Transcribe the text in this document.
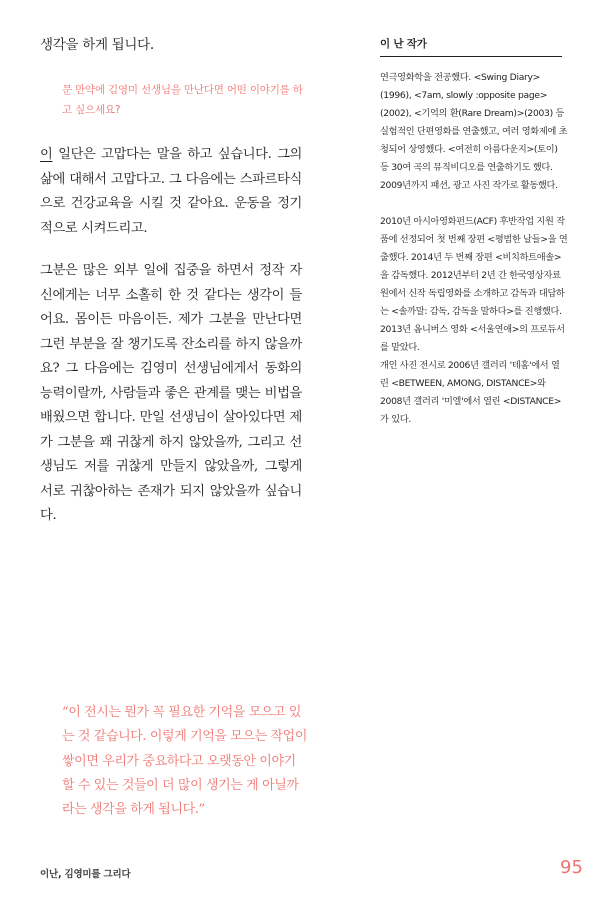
생각을 하게 됩니다.
문 만약에 김영미 선생님을 만난다면 어떤 이야기를 하고 싶으세요?
이 일단은 고맙다는 말을 하고 싶습니다. 그의 삶에 대해서 고맙다고. 그 다음에는 스파르타식으로 건강교육을 시킬 것 같아요. 운동을 정기적으로 시켜드리고.
그분은 많은 외부 일에 집중을 하면서 정작 자신에게는 너무 소홀히 한 것 같다는 생각이 들어요. 몸이든 마음이든. 제가 그분을 만난다면 그런 부분을 잘 챙기도록 잔소리를 하지 않을까요? 그 다음에는 김영미 선생님에게서 동화의 능력이랄까, 사람들과 좋은 관계를 맺는 비법을 배웠으면 합니다. 만일 선생님이 살아있다면 제가 그분을 꽤 귀찮게 하지 않았을까, 그리고 선생님도 저를 귀찮게 만들지 않았을까, 그렇게 서로 귀찮아하는 존재가 되지 않았을까 싶습니다.
이 난 작가
연극영화학을 전공했다. <Swing Diary>(1996), <7am, slowly :opposite page>(2002), <기억의 환(Rare Dream)>(2003) 등 실험적인 단편영화를 연출했고, 여러 영화제에 초청되어 상영했다. <여전히 아름다운지>(토이) 등 30여 곡의 뮤직비디오를 연출하기도 했다. 2009년까지 패션, 광고 사진 작가로 활동했다.
2010년 아시아영화펀드(ACF) 후반작업 지원 작품에 선정되어 첫 번째 장편 <평범한 날들>을 연출했다. 2014년 두 번째 장편 <비치하트애솔>을 감독했다. 2012년부터 2년 간 한국영상자료원에서 신작 독립영화를 소개하고 감독과 대담하는 <솔까말: 감독, 감독을 말하다>를 진행했다. 2013년 옴니버스 영화 <서울연애>의 프로듀서를 맡았다.
개인 사진 전시로 2006년 갤러리 '테홈'에서 열린 <BETWEEN, AMONG, DISTANCE>와 2008년 갤러리 '미엘'에서 열린 <DISTANCE>가 있다.
“이 전시는 뭔가 꼭 필요한 기억을 모으고 있는 것 같습니다. 이렇게 기억을 모으는 작업이 쌓이면 우리가 중요하다고 오랫동안 이야기할 수 있는 것들이 더 많이 생기는 게 아닐까라는 생각을 하게 됩니다.”
이난, 김영미를 그리다	95
